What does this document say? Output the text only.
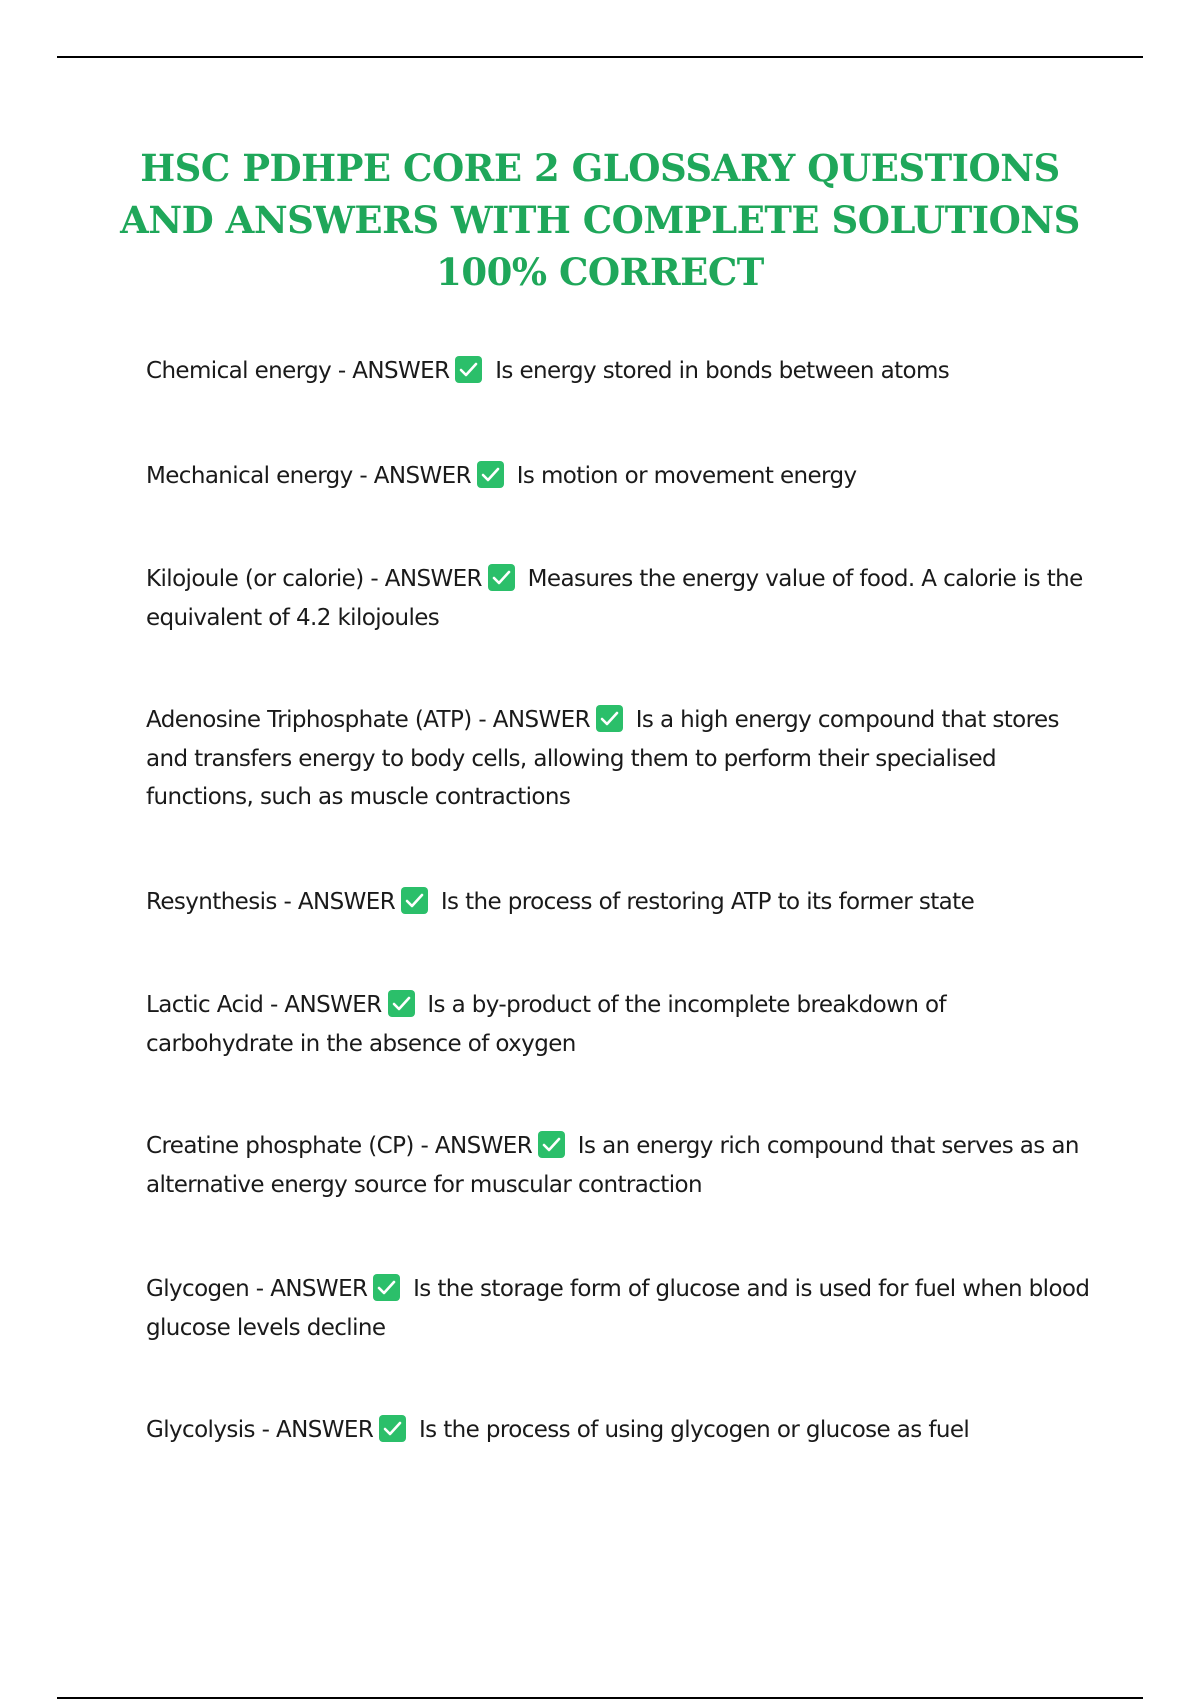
HSC PDHPE CORE 2 GLOSSARY QUESTIONS
AND ANSWERS WITH COMPLETE SOLUTIONS
100% CORRECT

Chemical energy - ANSWER Is energy stored in bonds between atoms

Mechanical energy - ANSWER Is motion or movement energy

Kilojoule (or calorie) - ANSWER Measures the energy value of food. A calorie is the equivalent of 4.2 kilojoules

Adenosine Triphosphate (ATP) - ANSWER Is a high energy compound that stores and transfers energy to body cells, allowing them to perform their specialised functions, such as muscle contractions

Resynthesis - ANSWER Is the process of restoring ATP to its former state

Lactic Acid - ANSWER Is a by-product of the incomplete breakdown of carbohydrate in the absence of oxygen

Creatine phosphate (CP) - ANSWER Is an energy rich compound that serves as an alternative energy source for muscular contraction

Glycogen - ANSWER Is the storage form of glucose and is used for fuel when blood glucose levels decline

Glycolysis - ANSWER Is the process of using glycogen or glucose as fuel
